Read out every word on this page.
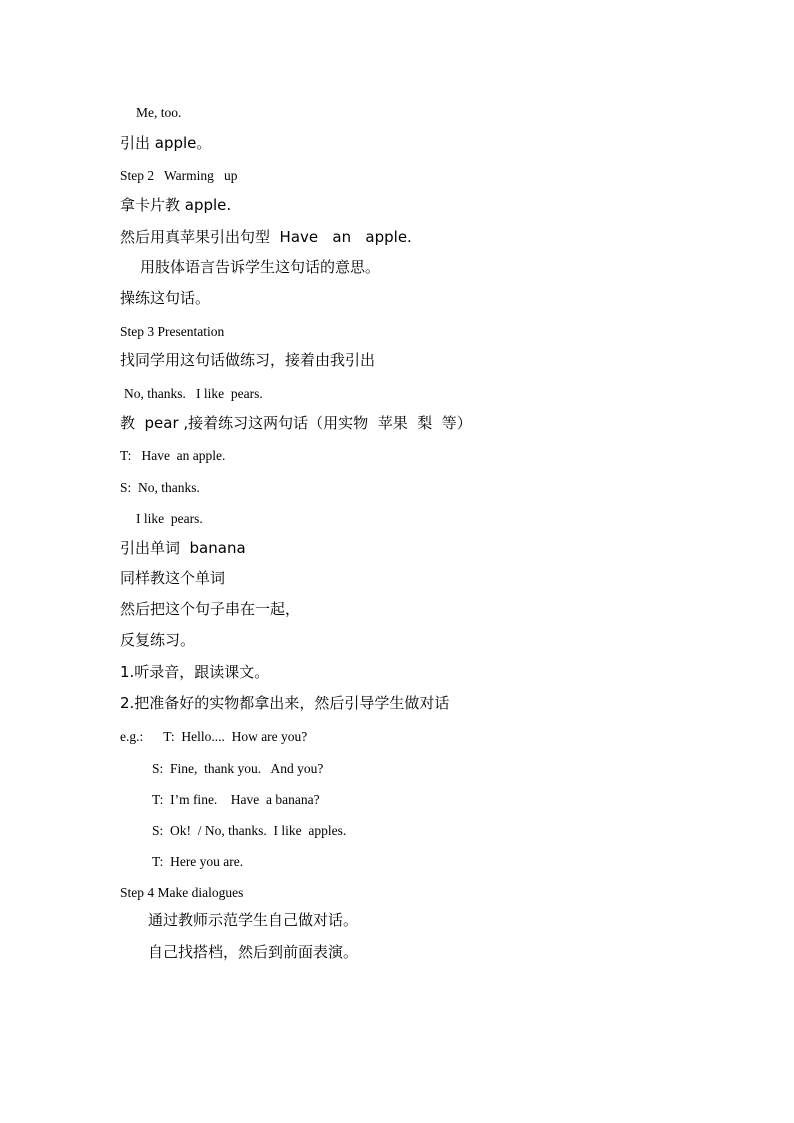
Me, too.
引出 apple。
Step 2   Warming   up
拿卡片教 apple.
然后用真苹果引出句型  Have   an   apple.
用肢体语言告诉学生这句话的意思。
操练这句话。
Step 3 Presentation
找同学用这句话做练习，接着由我引出
No, thanks.   I like  pears.
教  pear ,接着练习这两句话（用实物  苹果  梨  等）
T:   Have  an apple.
S:  No, thanks.
I like  pears.
引出单词  banana
同样教这个单词
然后把这个句子串在一起，
反复练习。
1.听录音，跟读课文。
2.把准备好的实物都拿出来，然后引导学生做对话
e.g.:      T:  Hello....  How are you?
S:  Fine,  thank you.   And you?
T:  I’m fine.    Have  a banana?
S:  Ok!  / No, thanks.  I like  apples.
T:  Here you are.
Step 4 Make dialogues
通过教师示范学生自己做对话。
自己找搭档，然后到前面表演。
